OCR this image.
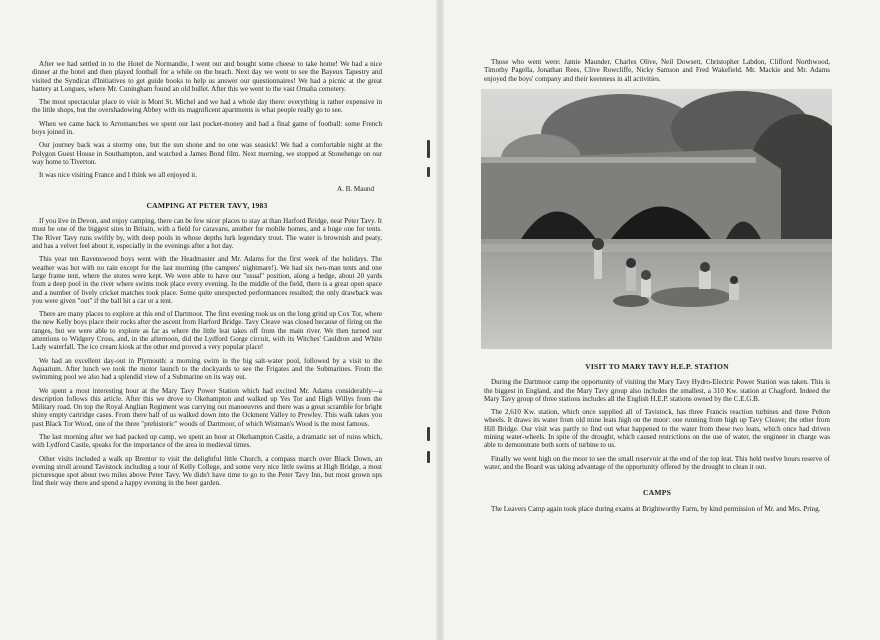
After we had settled in to the Hotel de Normandie, I went out and bought some cheese to take home! We had a nice dinner at the hotel and then played football for a while on the beach. Next day we went to see the Bayeux Tapestry and visited the Syndicat d'Initiatives to get guide books to help us answer our questionnaires! We had a picnic at the great battery at Longues, where Mr. Cuningham found an old bullet. After this we went to the vast Omaha cemetery.

The most spectacular place to visit is Mont St. Michel and we had a whole day there: everything is rather expensive in the little shops, but the overshadowing Abbey with its magnificent apartments is what people really go to see.

When we came back to Arromanches we spent our last pocket-money and had a final game of football: some French boys joined in.

Our journey back was a stormy one, but the sun shone and no one was seasick! We had a comfortable night at the Polygon Guest House in Southampton, and watched a James Bond film. Next morning, we stopped at Stonehenge on our way home to Tiverton.

It was nice visiting France and I think we all enjoyed it.

A. B. Maund

CAMPING AT PETER TAVY, 1983

If you live in Devon, and enjoy camping, there can be few nicer places to stay at than Harford Bridge, near Peter Tavy. It must be one of the biggest sites in Britain, with a field for caravans, another for mobile homes, and a huge one for tents. The River Tavy runs swiftly by, with deep pools in whose depths lurk legendary trout. The water is brownish and peaty, and has a velvet feel about it, especially in the evenings after a hot day.

This year ten Ravenswood boys went with the Headmaster and Mr. Adams for the first week of the holidays. The weather was hot with no rain except for the last morning (the campers' nightmare!). We had six two-man tents and one large frame tent, where the stores were kept. We were able to have our "usual" position, along a hedge, about 20 yards from a deep pool in the river where swims took place every evening. In the middle of the field, there is a great open space and a number of lively cricket matches took place. Some quite unexpected performances resulted; the only drawback was you were given "out" if the ball hit a car or a tent.

There are many places to explore at this end of Dartmoor. The first evening took us on the long grind up Cox Tor, where the new Kelly boys place their rocks after the ascent from Harford Bridge. Tavy Cleave was closed because of firing on the ranges, but we were able to explore as far as where the little leat takes off from the main river. We then turned our attentions to Widgery Cross, and, in the afternoon, did the Lydford Gorge circuit, with its Witches' Cauldron and White Lady waterfall. The ice cream kiosk at the other end proved a very popular place!

We had an excellent day-out in Plymouth: a morning swim in the big salt-water pool, followed by a visit to the Aquarium. After lunch we took the motor launch to the dockyards to see the Frigates and the Submarines. From the swimming pool we also had a splendid view of a Submarine on its way out.

We spent a most interesting hour at the Mary Tavy Power Station which had excited Mr. Adams considerably—a description follows this article. After this we drove to Okehampton and walked up Yes Tor and High Willys from the Military road. On top the Royal Anglian Regiment was carrying out manoeuvres and there was a great scramble for bright shiny empty cartridge cases. From there half of us walked down into the Ockment Valley to Prewley. This walk takes you past Black Tor Wood, one of the three "prehistoric" woods of Dartmoor, of which Wistman's Wood is the most famous.

The last morning after we had packed up camp, we spent an hour at Okehampton Castle, a dramatic set of ruins which, with Lydford Castle, speaks for the importance of the area in medieval times.

Other visits included a walk up Brentor to visit the delightful little Church, a compass march over Black Down, an evening stroll around Tavistock including a tour of Kelly College, and some very nice little swims at High Bridge, a most picturesque spot about two miles above Peter Tavy. We didn't have time to go to the Peter Tavy Inn, but most grown ups find their way there and spend a happy evening in the beer garden.

Those who went were: Jamie Maunder, Charles Olive, Neil Dowsett, Christopher Labdon, Clifford Northwood, Timothy Pagella, Jonathan Rees, Clive Rowcliffe, Nicky Samson and Fred Wakefield. Mr. Mackie and Mr. Adams enjoyed the boys' company and their keenness in all activities.

VISIT TO MARY TAVY H.E.P. STATION

During the Dartmoor camp the opportunity of visiting the Mary Tavy Hydro-Electric Power Station was taken. This is the biggest in England, and the Mary Tavy group also includes the smallest, a 310 Kw. station at Chagford. Indeed the Mary Tavy group of three stations includes all the English H.E.P. stations owned by the C.E.G.B.

The 2,610 Kw. station, which once supplied all of Tavistock, has three Francis reaction turbines and three Pelton wheels. It draws its water from old mine leats high on the moor: one running from high up Tavy Cleave; the other from Hill Bridge. Our visit was partly to find out what happened to the water from these two leats, which once had driven mining water-wheels. In spite of the drought, which caused restrictions on the use of water, the engineer in charge was able to demonstrate both sorts of turbine to us.

Finally we went high on the moor to see the small reservoir at the end of the top leat. This held twelve hours reserve of water, and the Board was taking advantage of the opportunity offered by the drought to clean it out.

CAMPS

The Leavers Camp again took place during exams at Brightworthy Farm, by kind permission of Mr. and Mrs. Pring.
